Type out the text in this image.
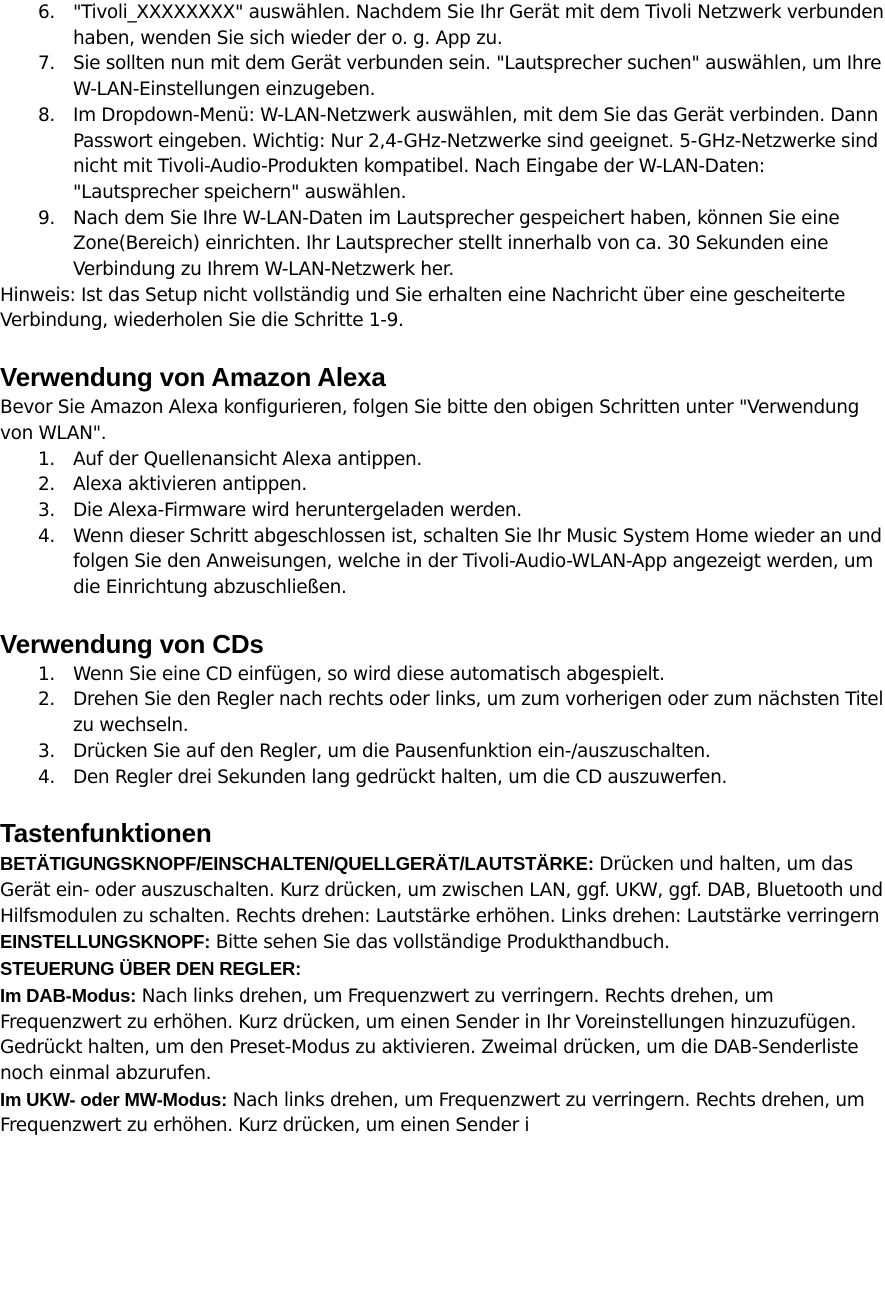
6. "Tivoli_XXXXXXXX" auswählen. Nachdem Sie Ihr Gerät mit dem Tivoli Netzwerk verbunden haben, wenden Sie sich wieder der o. g. App zu.
7. Sie sollten nun mit dem Gerät verbunden sein. "Lautsprecher suchen" auswählen, um Ihre W-LAN-Einstellungen einzugeben.
8. Im Dropdown-Menü: W-LAN-Netzwerk auswählen, mit dem Sie das Gerät verbinden. Dann Passwort eingeben. Wichtig: Nur 2,4-GHz-Netzwerke sind geeignet. 5-GHz-Netzwerke sind nicht mit Tivoli-Audio-Produkten kompatibel. Nach Eingabe der W-LAN-Daten: "Lautsprecher speichern" auswählen.
9. Nach dem Sie Ihre W-LAN-Daten im Lautsprecher gespeichert haben, können Sie eine Zone(Bereich) einrichten. Ihr Lautsprecher stellt innerhalb von ca. 30 Sekunden eine Verbindung zu Ihrem W-LAN-Netzwerk her.

Hinweis: Ist das Setup nicht vollständig und Sie erhalten eine Nachricht über eine gescheiterte Verbindung, wiederholen Sie die Schritte 1-9.

Verwendung von Amazon Alexa

Bevor Sie Amazon Alexa konfigurieren, folgen Sie bitte den obigen Schritten unter "Verwendung von WLAN".

1. Auf der Quellenansicht Alexa antippen.
2. Alexa aktivieren antippen.
3. Die Alexa-Firmware wird heruntergeladen werden.
4. Wenn dieser Schritt abgeschlossen ist, schalten Sie Ihr Music System Home wieder an und folgen Sie den Anweisungen, welche in der Tivoli-Audio-WLAN-App angezeigt werden, um die Einrichtung abzuschließen.
Verwendung von CDs
1. Wenn Sie eine CD einfügen, so wird diese automatisch abgespielt.
2. Drehen Sie den Regler nach rechts oder links, um zum vorherigen oder zum nächsten Titel zu wechseln.
3. Drücken Sie auf den Regler, um die Pausenfunktion ein-/auszuschalten.
4. Den Regler drei Sekunden lang gedrückt halten, um die CD auszuwerfen.
Tastenfunktionen

BETÄTIGUNGSKNOPF/EINSCHALTEN/QUELLGERÄT/LAUTSTÄRKE: Drücken und halten, um das Gerät ein- oder auszuschalten. Kurz drücken, um zwischen LAN, ggf. UKW, ggf. DAB, Bluetooth und Hilfsmodulen zu schalten. Rechts drehen: Lautstärke erhöhen. Links drehen: Lautstärke verringern

EINSTELLUNGSKNOPF: Bitte sehen Sie das vollständige Produkthandbuch.

STEUERUNG ÜBER DEN REGLER:

Im DAB-Modus: Nach links drehen, um Frequenzwert zu verringern. Rechts drehen, um Frequenzwert zu erhöhen. Kurz drücken, um einen Sender in Ihr Voreinstellungen hinzuzufügen. Gedrückt halten, um den Preset-Modus zu aktivieren. Zweimal drücken, um die DAB-Senderliste noch einmal abzurufen.

Im UKW- oder MW-Modus: Nach links drehen, um Frequenzwert zu verringern. Rechts drehen, um Frequenzwert zu erhöhen. Kurz drücken, um einen Sender i
